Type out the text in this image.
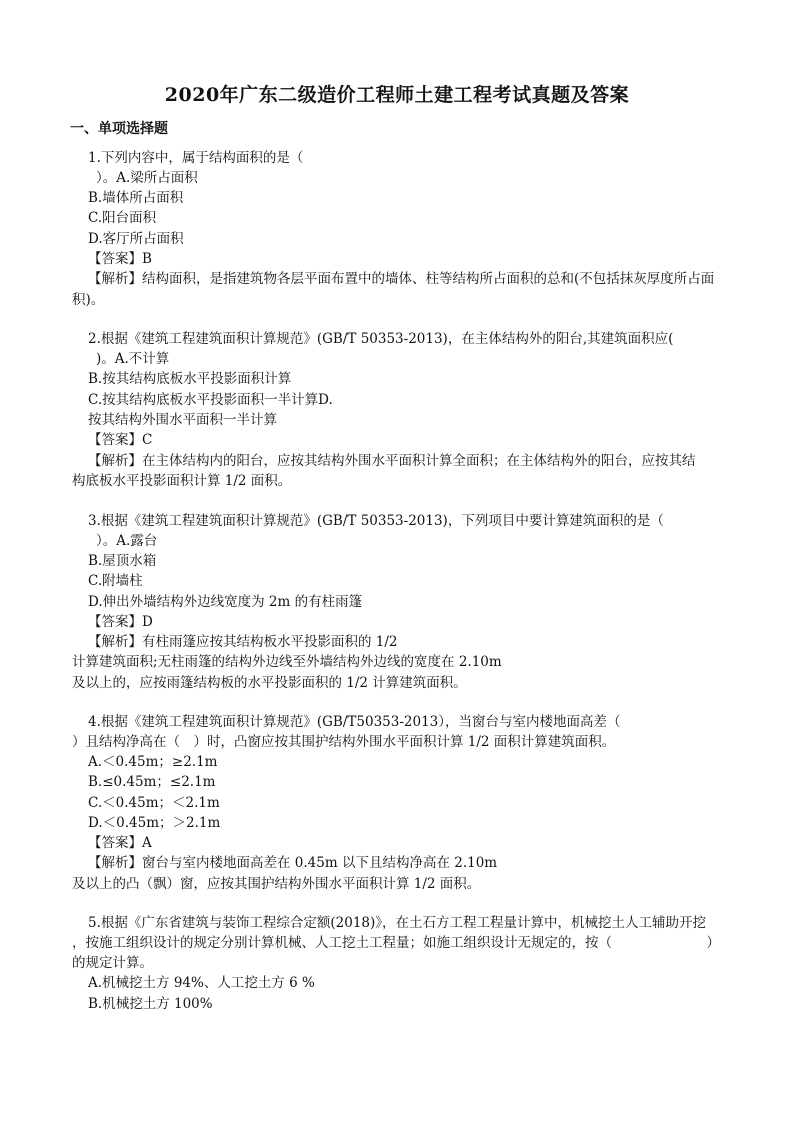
2020年广东二级造价工程师土建工程考试真题及答案
一、单项选择题
1.下列内容中，属于结构面积的是（
）。A.梁所占面积
B.墙体所占面积
C.阳台面积
D.客厅所占面积
【答案】B
【解析】结构面积，是指建筑物各层平面布置中的墙体、柱等结构所占面积的总和(不包括抹灰厚度所占面
积)。
2.根据《建筑工程建筑面积计算规范》(GB/T 50353-2013)，在主体结构外的阳台,其建筑面积应(
)。A.不计算
B.按其结构底板水平投影面积计算
C.按其结构底板水平投影面积一半计算D.
按其结构外围水平面积一半计算
【答案】C
【解析】在主体结构内的阳台，应按其结构外围水平面积计算全面积；在主体结构外的阳台，应按其结
构底板水平投影面积计算 1/2 面积。
3.根据《建筑工程建筑面积计算规范》(GB/T 50353-2013)，下列项目中要计算建筑面积的是（
）。A.露台
B.屋顶水箱
C.附墙柱
D.伸出外墙结构外边线宽度为 2m 的有柱雨篷
【答案】D
【解析】有柱雨篷应按其结构板水平投影面积的 1/2
计算建筑面积;无柱雨篷的结构外边线至外墙结构外边线的宽度在 2.10m
及以上的，应按雨篷结构板的水平投影面积的 1/2 计算建筑面积。
4.根据《建筑工程建筑面积计算规范》(GB/T50353-2013），当窗台与室内楼地面高差（
）且结构净高在（　）时，凸窗应按其围护结构外围水平面积计算 1/2 面积计算建筑面积。
A.＜0.45m；≥2.1m
B.≤0.45m；≤2.1m
C.＜0.45m；＜2.1m
D.＜0.45m；＞2.1m
【答案】A
【解析】窗台与室内楼地面高差在 0.45m 以下且结构净高在 2.10m
及以上的凸（飘）窗，应按其围护结构外围水平面积计算 1/2 面积。
5.根据《广东省建筑与装饰工程综合定额(2018)》，在土石方工程工程量计算中，机械挖土人工辅助开挖
，按施工组织设计的规定分别计算机械、人工挖土工程量；如施工组织设计无规定的，按（　　　　　　　）
的规定计算。
A.机械挖土方 94%、人工挖土方 6 %
B.机械挖土方 100%
